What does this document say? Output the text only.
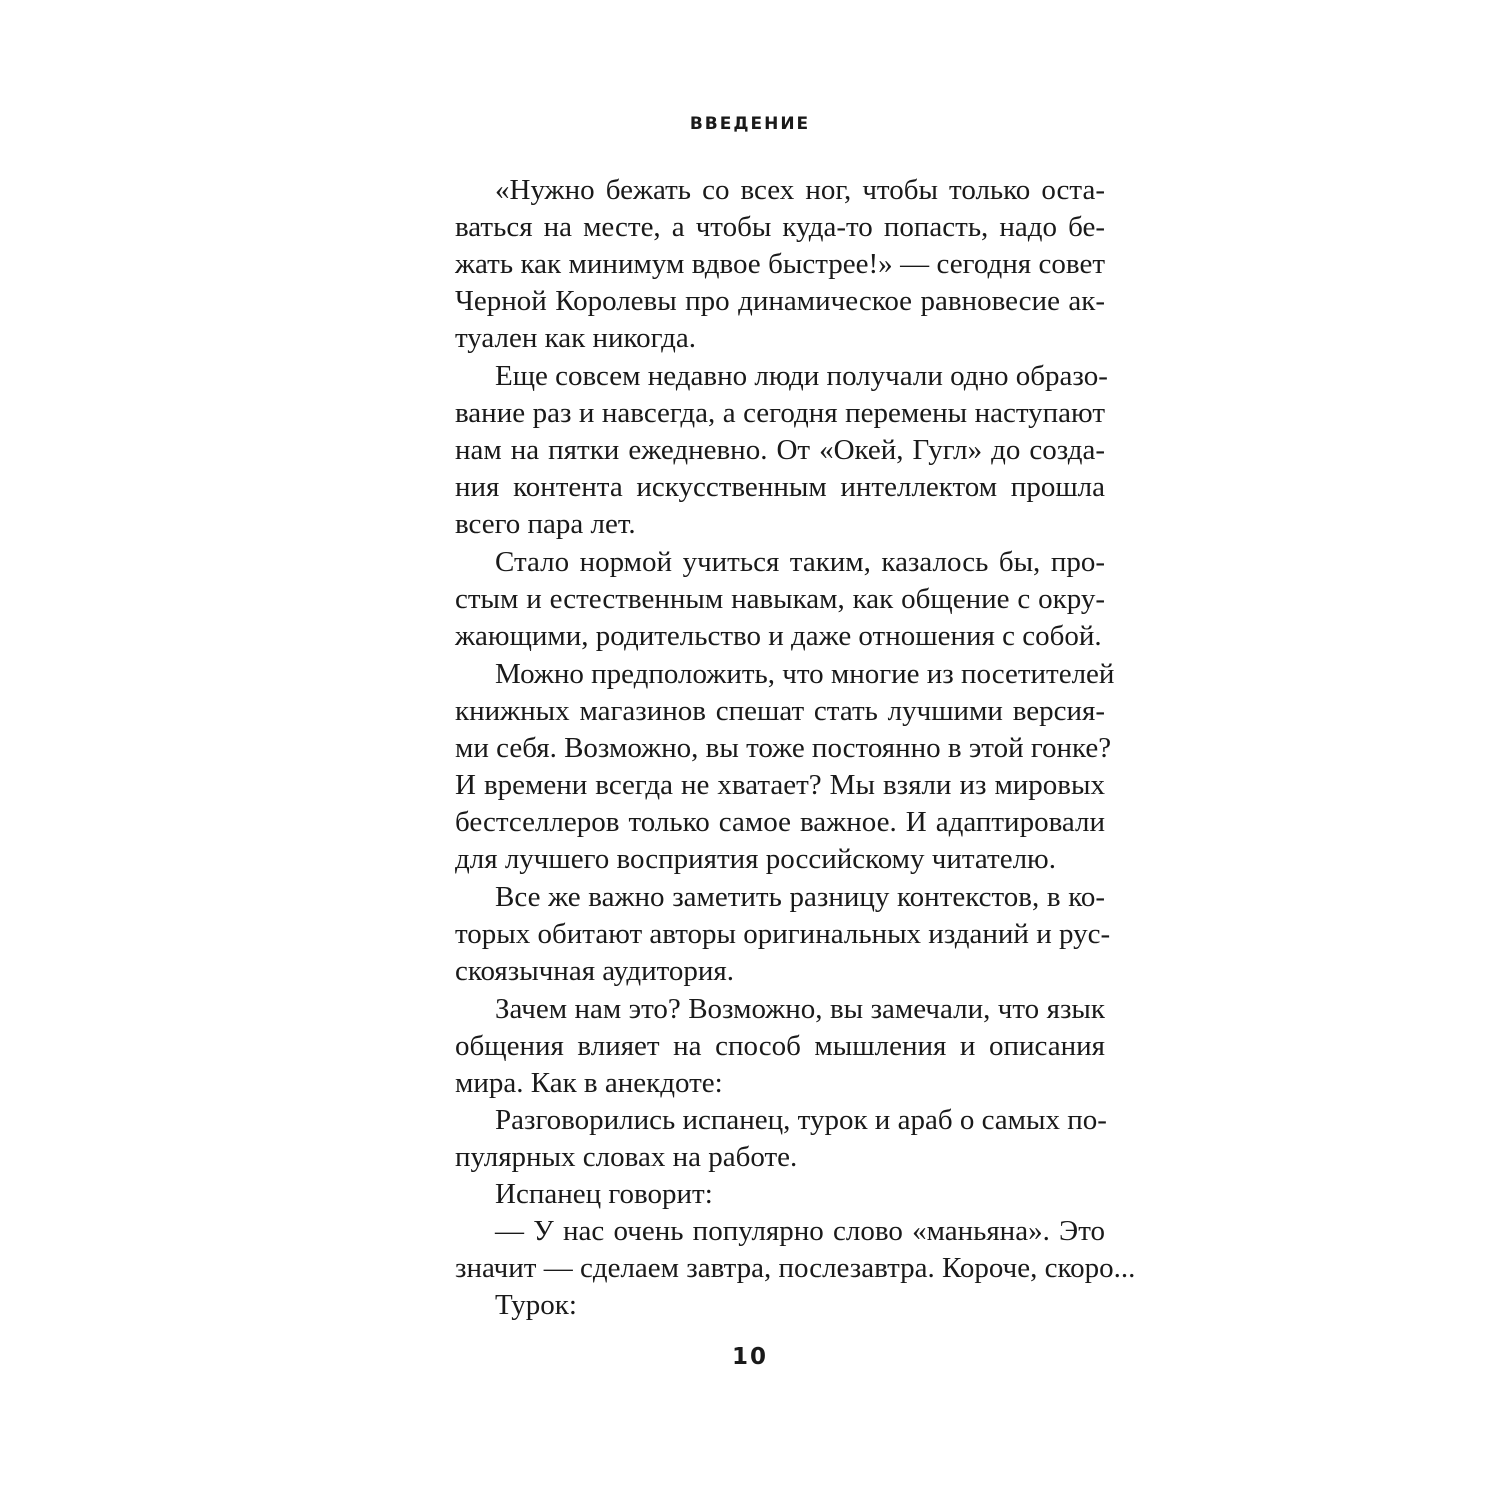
ВВЕДЕНИЕ
«Нужно бежать со всех ног, чтобы только оста-
ваться на месте, а чтобы куда-то попасть, надо бе-
жать как минимум вдвое быстрее!» — сегодня совет
Черной Королевы про динамическое равновесие ак-
туален как никогда.
Еще совсем недавно люди получали одно образо-
вание раз и навсегда, а сегодня перемены наступают
нам на пятки ежедневно. От «Окей, Гугл» до созда-
ния контента искусственным интеллектом прошла
всего пара лет.
Стало нормой учиться таким, казалось бы, про-
стым и естественным навыкам, как общение с окру-
жающими, родительство и даже отношения с собой.
Можно предположить, что многие из посетителей
книжных магазинов спешат стать лучшими версия-
ми себя. Возможно, вы тоже постоянно в этой гонке?
И времени всегда не хватает? Мы взяли из мировых
бестселлеров только самое важное. И адаптировали
для лучшего восприятия российскому читателю.
Все же важно заметить разницу контекстов, в ко-
торых обитают авторы оригинальных изданий и рус-
скоязычная аудитория.
Зачем нам это? Возможно, вы замечали, что язык
общения влияет на способ мышления и описания
мира. Как в анекдоте:
Разговорились испанец, турок и араб о самых по-
пулярных словах на работе.
Испанец говорит:
— У нас очень популярно слово «маньяна». Это
значит — сделаем завтра, послезавтра. Короче, скоро...
Турок:
10
